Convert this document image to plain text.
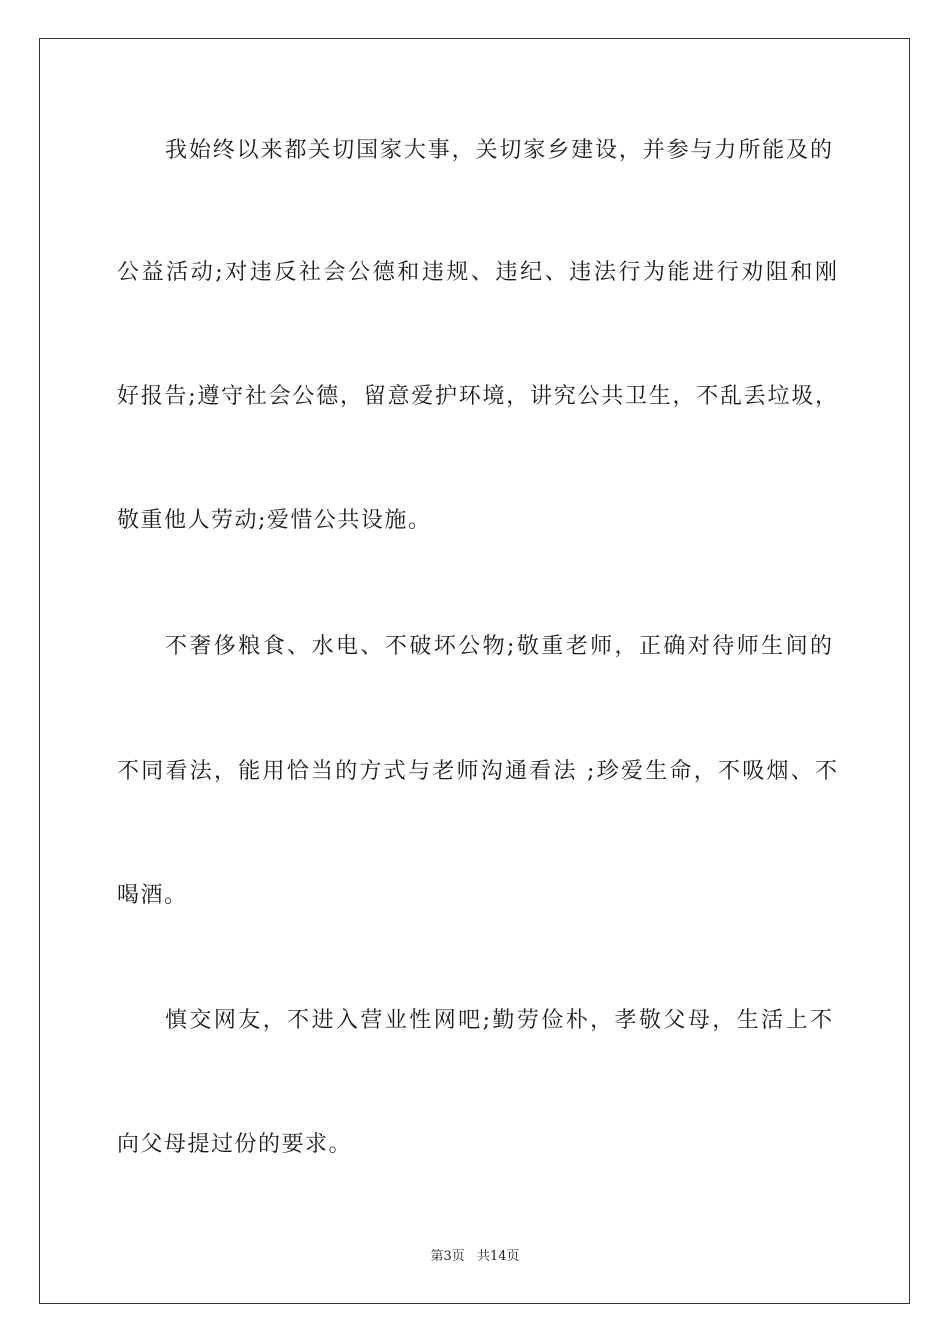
我始终以来都关切国家大事，关切家乡建设，并参与力所能及的
公益活动;对违反社会公德和违规、违纪、违法行为能进行劝阻和刚
好报告;遵守社会公德，留意爱护环境，讲究公共卫生，不乱丢垃圾，
敬重他人劳动;爱惜公共设施。
不奢侈粮食、水电、不破坏公物;敬重老师，正确对待师生间的
不同看法，能用恰当的方式与老师沟通看法 ;珍爱生命，不吸烟、不
喝酒。
慎交网友，不进入营业性网吧;勤劳俭朴，孝敬父母，生活上不
向父母提过份的要求。
第3页 共14页
